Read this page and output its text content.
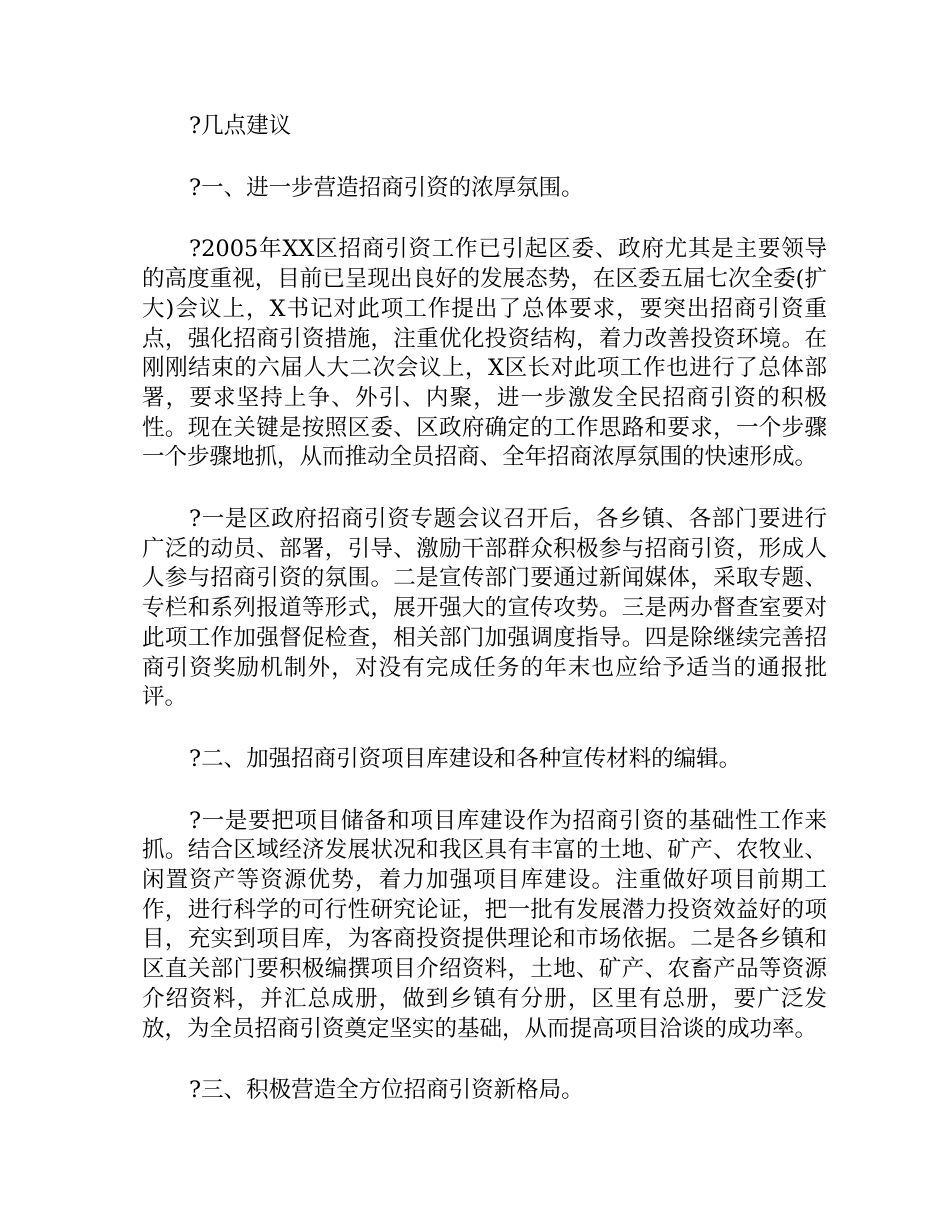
?几点建议

?一、进一步营造招商引资的浓厚氛围。

?2005年XX区招商引资工作已引起区委、政府尤其是主要领导的高度重视，目前已呈现出良好的发展态势，在区委五届七次全委(扩大)会议上，X书记对此项工作提出了总体要求，要突出招商引资重点，强化招商引资措施，注重优化投资结构，着力改善投资环境。在刚刚结束的六届人大二次会议上，X区长对此项工作也进行了总体部署，要求坚持上争、外引、内聚，进一步激发全民招商引资的积极性。现在关键是按照区委、区政府确定的工作思路和要求，一个步骤一个步骤地抓，从而推动全员招商、全年招商浓厚氛围的快速形成。

?一是区政府招商引资专题会议召开后，各乡镇、各部门要进行广泛的动员、部署，引导、激励干部群众积极参与招商引资，形成人人参与招商引资的氛围。二是宣传部门要通过新闻媒体，采取专题、专栏和系列报道等形式，展开强大的宣传攻势。三是两办督查室要对此项工作加强督促检查，相关部门加强调度指导。四是除继续完善招商引资奖励机制外，对没有完成任务的年末也应给予适当的通报批评。

?二、加强招商引资项目库建设和各种宣传材料的编辑。

?一是要把项目储备和项目库建设作为招商引资的基础性工作来抓。结合区域经济发展状况和我区具有丰富的土地、矿产、农牧业、闲置资产等资源优势，着力加强项目库建设。注重做好项目前期工作，进行科学的可行性研究论证，把一批有发展潜力投资效益好的项目，充实到项目库，为客商投资提供理论和市场依据。二是各乡镇和区直关部门要积极编撰项目介绍资料，土地、矿产、农畜产品等资源介绍资料，并汇总成册，做到乡镇有分册，区里有总册，要广泛发放，为全员招商引资奠定坚实的基础，从而提高项目洽谈的成功率。

?三、积极营造全方位招商引资新格局。
